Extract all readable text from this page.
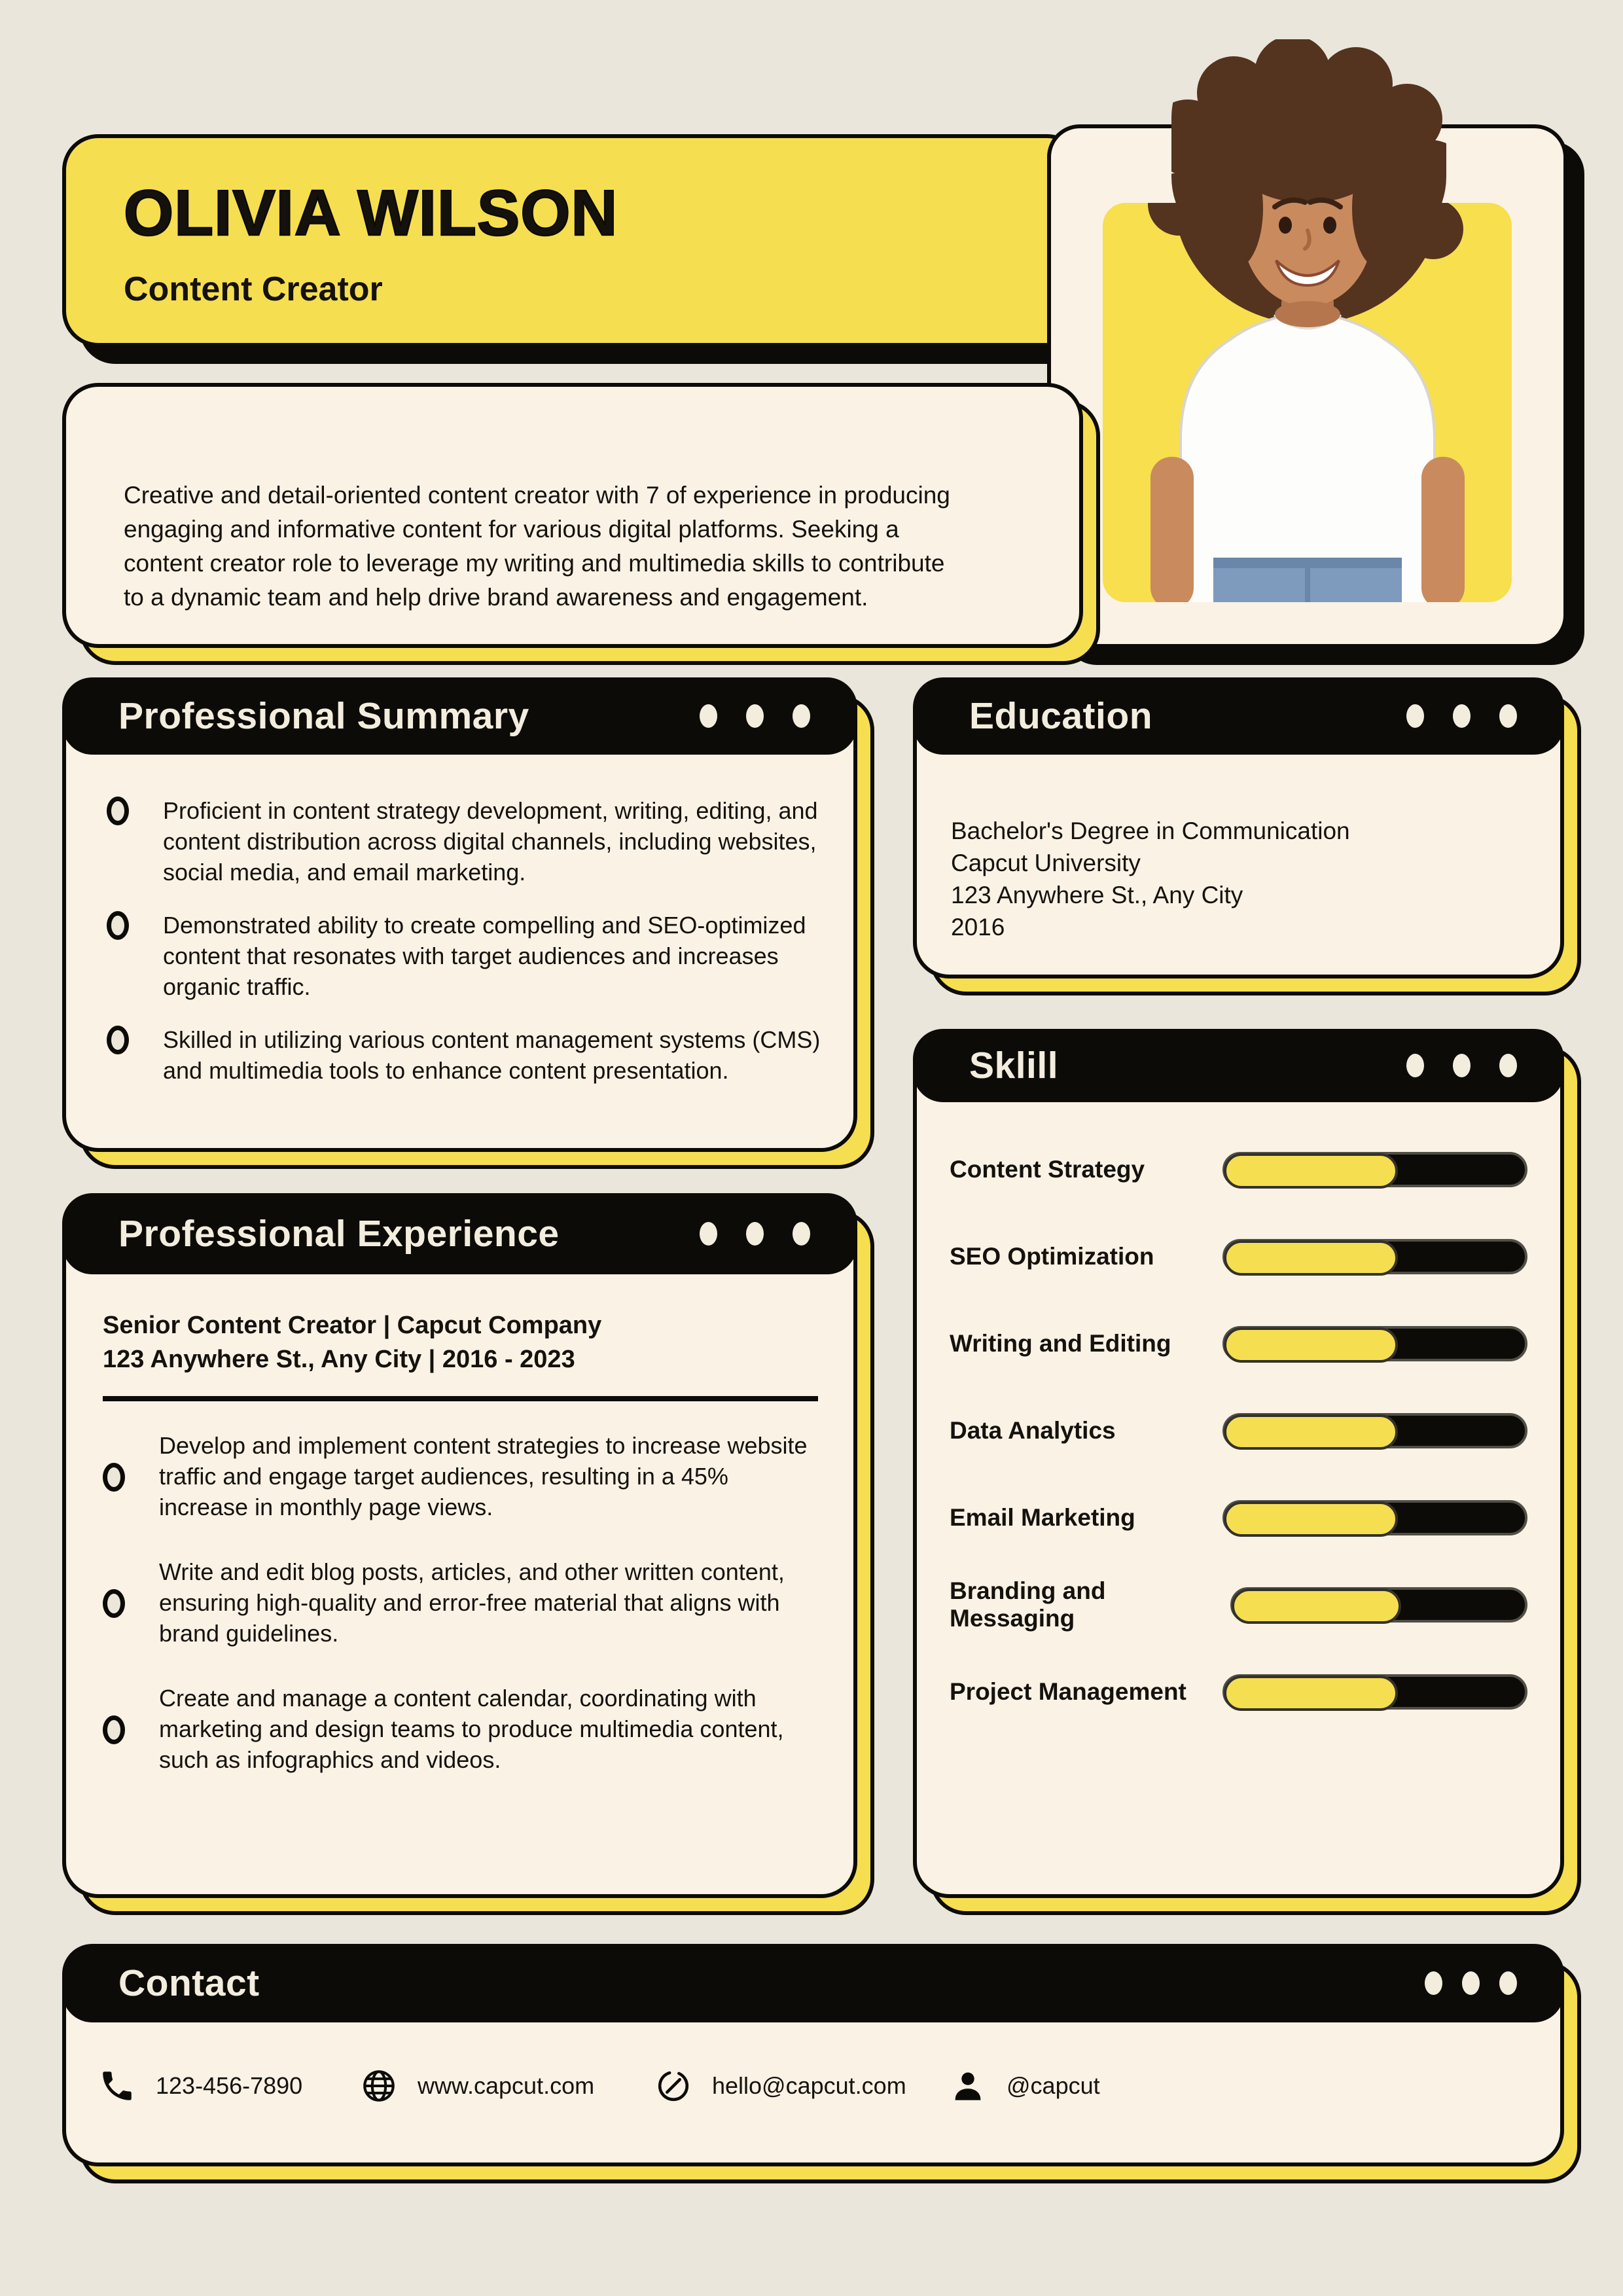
OLIVIA WILSON
Content Creator

Creative and detail-oriented content creator with 7 of experience in producing engaging and informative content for various digital platforms. Seeking a content creator role to leverage my writing and multimedia skills to contribute to a dynamic team and help drive brand awareness and engagement.

Professional Summary
Proficient in content strategy development, writing, editing, and content distribution across digital channels, including websites, social media, and email marketing.
Demonstrated ability to create compelling and SEO-optimized content that resonates with target audiences and increases organic traffic.
Skilled in utilizing various content management systems (CMS) and multimedia tools to enhance content presentation.
Education
Bachelor's Degree in Communication
Capcut University
123 Anywhere St., Any City
2016
Sklill
Content Strategy
SEO Optimization
Writing and Editing
Data Analytics
Email Marketing
Branding and Messaging
Project Management
Professional Experience
Senior Content Creator | Capcut Company
123 Anywhere St., Any City | 2016 - 2023
Develop and implement content strategies to increase website traffic and engage target audiences, resulting in a 45% increase in monthly page views.
Write and edit blog posts, articles, and other written content, ensuring high-quality and error-free material that aligns with brand guidelines.
Create and manage a content calendar, coordinating with marketing and design teams to produce multimedia content, such as infographics and videos.
Contact
123-456-7890	www.capcut.com	hello@capcut.com	@capcut
